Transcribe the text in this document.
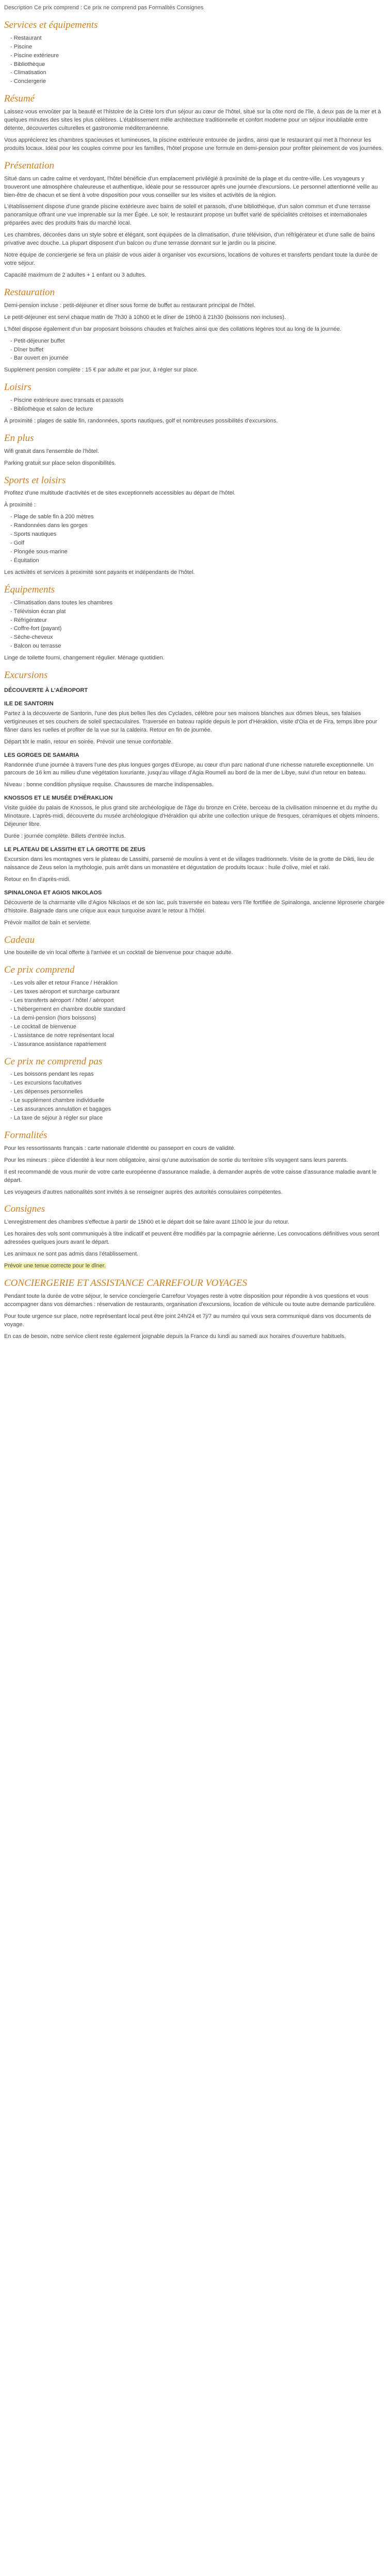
Description Ce prix comprend : Ce prix ne comprend pas Formalités Consignes

Services et équipements
- Restaurant
- Piscine
- Piscine extérieure
- Bibliothèque
- Climatisation
- Conciergerie
Résumé

Laissez-vous envoûter par la beauté et l'histoire de la Crète lors d'un séjour au cœur de l'hôtel, situé sur la côte nord de l'île, à deux pas de la mer et à quelques minutes des sites les plus célèbres. L'établissement mêle architecture traditionnelle et confort moderne pour un séjour inoubliable entre détente, découvertes culturelles et gastronomie méditerranéenne.

Vous apprécierez les chambres spacieuses et lumineuses, la piscine extérieure entourée de jardins, ainsi que le restaurant qui met à l'honneur les produits locaux. Idéal pour les couples comme pour les familles, l'hôtel propose une formule en demi-pension pour profiter pleinement de vos journées.

Présentation

Situé dans un cadre calme et verdoyant, l'hôtel bénéficie d'un emplacement privilégié à proximité de la plage et du centre-ville. Les voyageurs y trouveront une atmosphère chaleureuse et authentique, idéale pour se ressourcer après une journée d'excursions. Le personnel attentionné veille au bien-être de chacun et se tient à votre disposition pour vous conseiller sur les visites et activités de la région.

L'établissement dispose d'une grande piscine extérieure avec bains de soleil et parasols, d'une bibliothèque, d'un salon commun et d'une terrasse panoramique offrant une vue imprenable sur la mer Égée. Le soir, le restaurant propose un buffet varié de spécialités crétoises et internationales préparées avec des produits frais du marché local.

Les chambres, décorées dans un style sobre et élégant, sont équipées de la climatisation, d'une télévision, d'un réfrigérateur et d'une salle de bains privative avec douche. La plupart disposent d'un balcon ou d'une terrasse donnant sur le jardin ou la piscine.

Notre équipe de conciergerie se fera un plaisir de vous aider à organiser vos excursions, locations de voitures et transferts pendant toute la durée de votre séjour.

Capacité maximum de 2 adultes + 1 enfant ou 3 adultes.

Restauration

Demi-pension incluse : petit-déjeuner et dîner sous forme de buffet au restaurant principal de l'hôtel.

Le petit-déjeuner est servi chaque matin de 7h30 à 10h00 et le dîner de 19h00 à 21h30 (boissons non incluses).

L'hôtel dispose également d'un bar proposant boissons chaudes et fraîches ainsi que des collations légères tout au long de la journée.

- Petit-déjeuner buffet
- Dîner buffet
- Bar ouvert en journée

Supplément pension complète : 15 € par adulte et par jour, à régler sur place.

Loisirs
- Piscine extérieure avec transats et parasols
- Bibliothèque et salon de lecture

À proximité : plages de sable fin, randonnées, sports nautiques, golf et nombreuses possibilités d'excursions.

En plus

Wifi gratuit dans l'ensemble de l'hôtel.

Parking gratuit sur place selon disponibilités.

Sports et loisirs

Profitez d'une multitude d'activités et de sites exceptionnels accessibles au départ de l'hôtel.

À proximité :

- Plage de sable fin à 200 mètres
- Randonnées dans les gorges
- Sports nautiques
- Golf
- Plongée sous-marine
- Équitation

Les activités et services à proximité sont payants et indépendants de l'hôtel.

Équipements
- Climatisation dans toutes les chambres
- Télévision écran plat
- Réfrigérateur
- Coffre-fort (payant)
- Sèche-cheveux
- Balcon ou terrasse

Linge de toilette fourni, changement régulier. Ménage quotidien.

Excursions
DÉCOUVERTE À L'AÉROPORT
ILE DE SANTORIN

Partez à la découverte de Santorin, l'une des plus belles îles des Cyclades, célèbre pour ses maisons blanches aux dômes bleus, ses falaises vertigineuses et ses couchers de soleil spectaculaires. Traversée en bateau rapide depuis le port d'Héraklion, visite d'Oia et de Fira, temps libre pour flâner dans les ruelles et profiter de la vue sur la caldeira. Retour en fin de journée.

Départ tôt le matin, retour en soirée. Prévoir une tenue confortable.

LES GORGES DE SAMARIA

Randonnée d'une journée à travers l'une des plus longues gorges d'Europe, au cœur d'un parc national d'une richesse naturelle exceptionnelle. Un parcours de 16 km au milieu d'une végétation luxuriante, jusqu'au village d'Agia Roumeli au bord de la mer de Libye, suivi d'un retour en bateau.

Niveau : bonne condition physique requise. Chaussures de marche indispensables.

KNOSSOS ET LE MUSÉE D'HÉRAKLION

Visite guidée du palais de Knossos, le plus grand site archéologique de l'âge du bronze en Crète, berceau de la civilisation minoenne et du mythe du Minotaure. L'après-midi, découverte du musée archéologique d'Héraklion qui abrite une collection unique de fresques, céramiques et objets minoens. Déjeuner libre.

Durée : journée complète. Billets d'entrée inclus.

LE PLATEAU DE LASSITHI ET LA GROTTE DE ZEUS

Excursion dans les montagnes vers le plateau de Lassithi, parsemé de moulins à vent et de villages traditionnels. Visite de la grotte de Dikti, lieu de naissance de Zeus selon la mythologie, puis arrêt dans un monastère et dégustation de produits locaux : huile d'olive, miel et raki.

Retour en fin d'après-midi.

SPINALONGA ET AGIOS NIKOLAOS

Découverte de la charmante ville d'Agios Nikolaos et de son lac, puis traversée en bateau vers l'île fortifiée de Spinalonga, ancienne léproserie chargée d'histoire. Baignade dans une crique aux eaux turquoise avant le retour à l'hôtel.

Prévoir maillot de bain et serviette.

Cadeau

Une bouteille de vin local offerte à l'arrivée et un cocktail de bienvenue pour chaque adulte.

Ce prix comprend
- Les vols aller et retour France / Héraklion
- Les taxes aéroport et surcharge carburant
- Les transferts aéroport / hôtel / aéroport
- L'hébergement en chambre double standard
- La demi-pension (hors boissons)
- Le cocktail de bienvenue
- L'assistance de notre représentant local
- L'assurance assistance rapatriement
Ce prix ne comprend pas
- Les boissons pendant les repas
- Les excursions facultatives
- Les dépenses personnelles
- Le supplément chambre individuelle
- Les assurances annulation et bagages
- La taxe de séjour à régler sur place
Formalités

Pour les ressortissants français : carte nationale d'identité ou passeport en cours de validité.

Pour les mineurs : pièce d'identité à leur nom obligatoire, ainsi qu'une autorisation de sortie du territoire s'ils voyagent sans leurs parents.

Il est recommandé de vous munir de votre carte européenne d'assurance maladie, à demander auprès de votre caisse d'assurance maladie avant le départ.

Les voyageurs d'autres nationalités sont invités à se renseigner auprès des autorités consulaires compétentes.

Consignes

L'enregistrement des chambres s'effectue à partir de 15h00 et le départ doit se faire avant 11h00 le jour du retour.

Les horaires des vols sont communiqués à titre indicatif et peuvent être modifiés par la compagnie aérienne. Les convocations définitives vous seront adressées quelques jours avant le départ.

Les animaux ne sont pas admis dans l'établissement.

Prévoir une tenue correcte pour le dîner.

CONCIERGERIE ET ASSISTANCE CARREFOUR VOYAGES

Pendant toute la durée de votre séjour, le service conciergerie Carrefour Voyages reste à votre disposition pour répondre à vos questions et vous accompagner dans vos démarches : réservation de restaurants, organisation d'excursions, location de véhicule ou toute autre demande particulière.

Pour toute urgence sur place, notre représentant local peut être joint 24h/24 et 7j/7 au numéro qui vous sera communiqué dans vos documents de voyage.

En cas de besoin, notre service client reste également joignable depuis la France du lundi au samedi aux horaires d'ouverture habituels.
